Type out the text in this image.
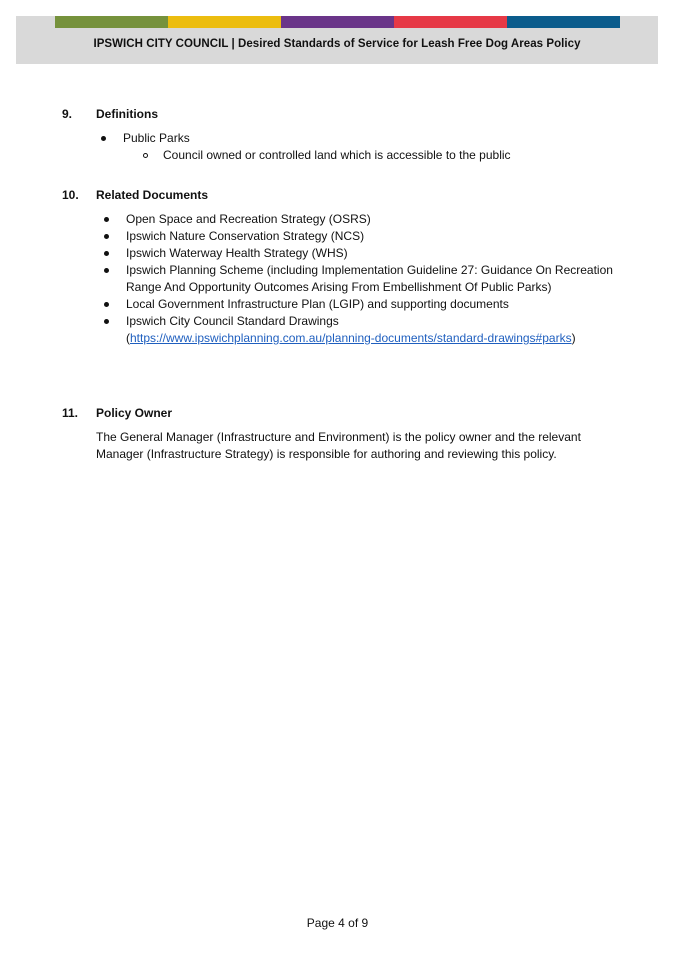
IPSWICH CITY COUNCIL | Desired Standards of Service for Leash Free Dog Areas Policy
9. Definitions
Public Parks
Council owned or controlled land which is accessible to the public
10. Related Documents
Open Space and Recreation Strategy (OSRS)
Ipswich Nature Conservation Strategy (NCS)
Ipswich Waterway Health Strategy (WHS)
Ipswich Planning Scheme (including Implementation Guideline 27: Guidance On Recreation Range And Opportunity Outcomes Arising From Embellishment Of Public Parks)
Local Government Infrastructure Plan (LGIP) and supporting documents
Ipswich City Council Standard Drawings
(https://www.ipswichplanning.com.au/planning-documents/standard-drawings#parks)
11. Policy Owner
The General Manager (Infrastructure and Environment) is the policy owner and the relevant Manager (Infrastructure Strategy) is responsible for authoring and reviewing this policy.
Page 4 of 9
